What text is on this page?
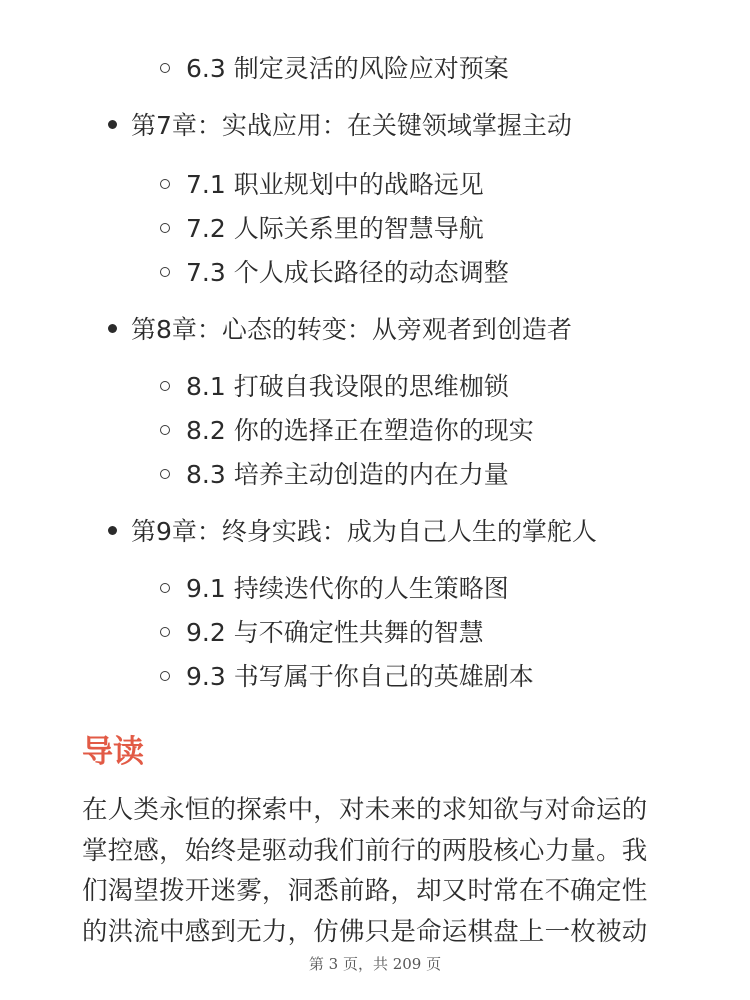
6.3 制定灵活的风险应对预案
第7章：实战应用：在关键领域掌握主动
7.1 职业规划中的战略远见
7.2 人际关系里的智慧导航
7.3 个人成长路径的动态调整
第8章：心态的转变：从旁观者到创造者
8.1 打破自我设限的思维枷锁
8.2 你的选择正在塑造你的现实
8.3 培养主动创造的内在力量
第9章：终身实践：成为自己人生的掌舵人
9.1 持续迭代你的人生策略图
9.2 与不确定性共舞的智慧
9.3 书写属于你自己的英雄剧本
导读

在人类永恒的探索中，对未来的求知欲与对命运的
掌控感，始终是驱动我们前行的两股核心力量。我
们渴望拨开迷雾，洞悉前路，却又时常在不确定性
的洪流中感到无力，仿佛只是命运棋盘上一枚被动

第 3 页，共 209 页
